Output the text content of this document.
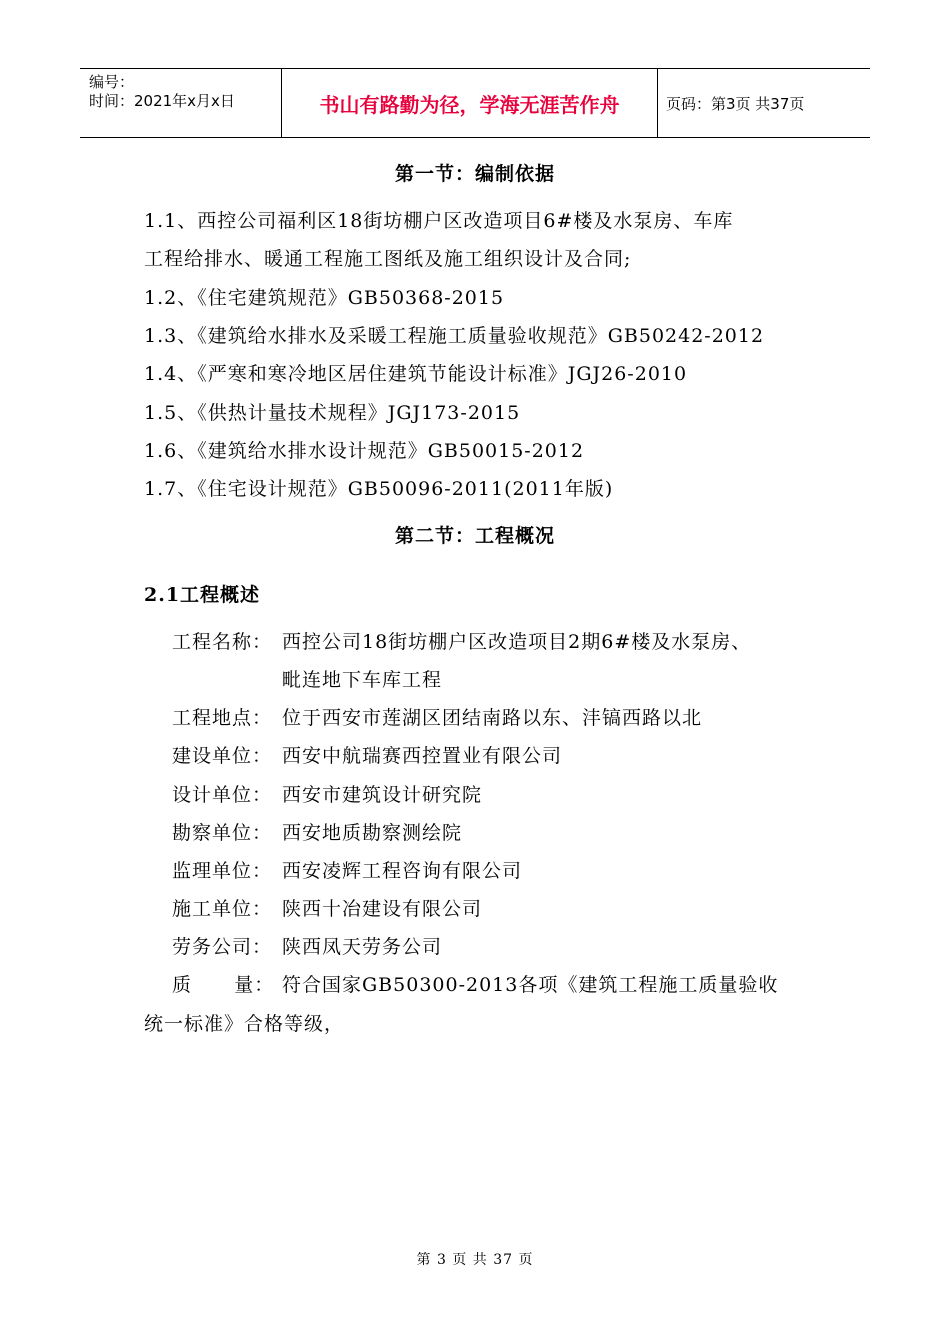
编号：
时间：2021年x月x日	书山有路勤为径，学海无涯苦作舟	页码：第3页 共37页
第一节：编制依据
1.1、西控公司福利区18街坊棚户区改造项目6#楼及水泵房、车库
工程给排水、暖通工程施工图纸及施工组织设计及合同;
1.2、《住宅建筑规范》GB50368-2015
1.3、《建筑给水排水及采暖工程施工质量验收规范》GB50242-2012
1.4、《严寒和寒冷地区居住建筑节能设计标准》JGJ26-2010
1.5、《供热计量技术规程》JGJ173-2015
1.6、《建筑给水排水设计规范》GB50015-2012
1.7、《住宅设计规范》GB50096-2011(2011年版)
第二节：工程概况
2.1工程概述
工程名称： 西控公司18街坊棚户区改造项目2期6#楼及水泵房、
毗连地下车库工程
工程地点： 位于西安市莲湖区团结南路以东、沣镐西路以北
建设单位： 西安中航瑞赛西控置业有限公司
设计单位： 西安市建筑设计研究院
勘察单位： 西安地质勘察测绘院
监理单位： 西安凌辉工程咨询有限公司
施工单位： 陕西十冶建设有限公司
劳务公司： 陕西凤天劳务公司
质      量： 符合国家GB50300-2013各项《建筑工程施工质量验收
统一标准》合格等级，
第 3 页 共 37 页
